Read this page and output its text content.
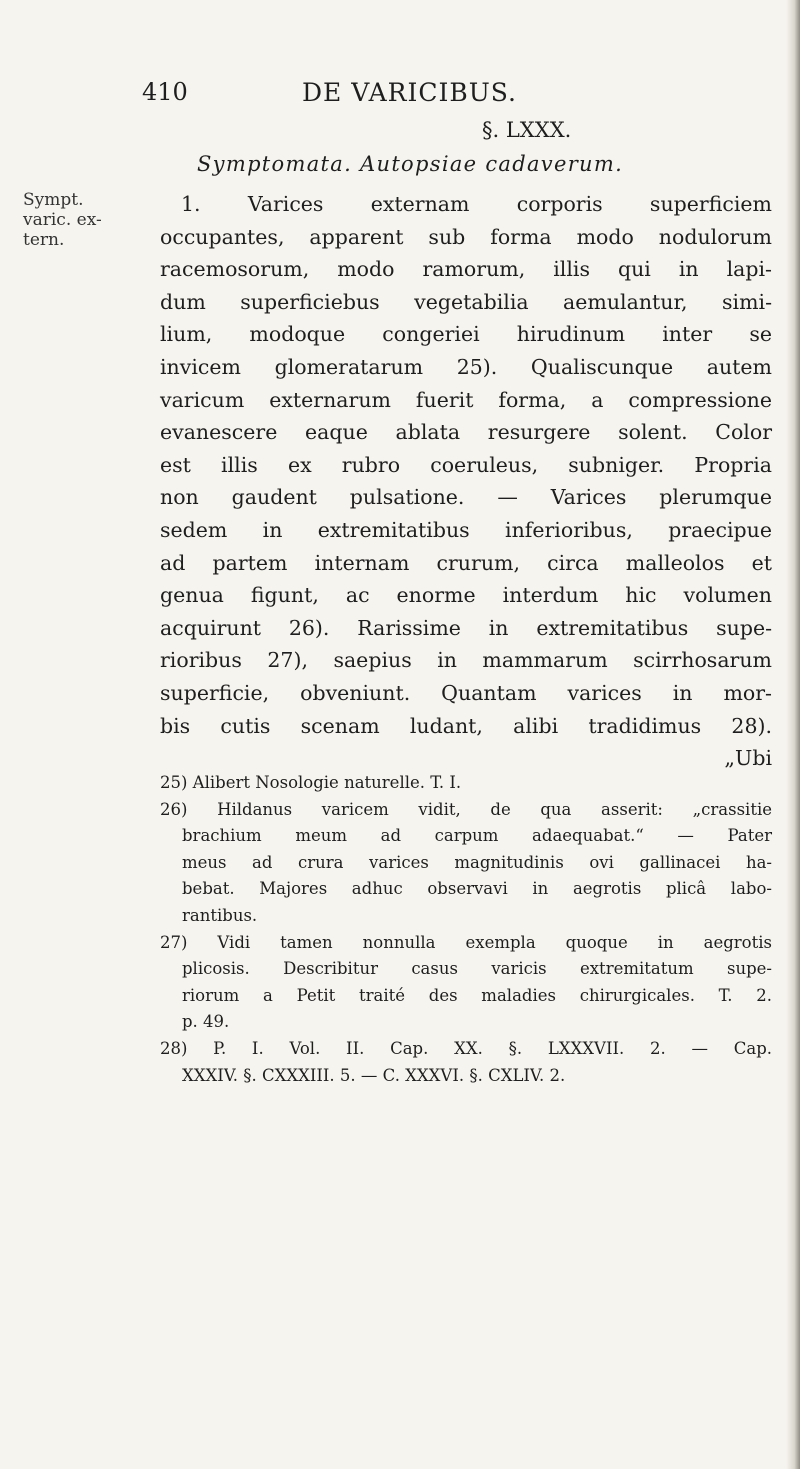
410	DE VARICIBUS.
§. LXXX.
Symptomata. Autopsiae cadaverum.
Sympt.
varic. ex-
tern.
1. Varices externam corporis superficiem
occupantes, apparent sub forma modo nodulorum
racemosorum, modo ramorum, illis qui in lapi-
dum superficiebus vegetabilia aemulantur, simi-
lium, modoque congeriei hirudinum inter se
invicem glomeratarum 25). Qualiscunque autem
varicum externarum fuerit forma, a compressione
evanescere eaque ablata resurgere solent. Color
est illis ex rubro coeruleus, subniger. Propria
non gaudent pulsatione. — Varices plerumque
sedem in extremitatibus inferioribus, praecipue
ad partem internam crurum, circa malleolos et
genua figunt, ac enorme interdum hic volumen
acquirunt 26). Rarissime in extremitatibus supe-
rioribus 27), saepius in mammarum scirrhosarum
superficie, obveniunt. Quantam varices in mor-
bis cutis scenam ludant, alibi tradidimus 28).
„Ubi
25) Alibert Nosologie naturelle. T. I.
26) Hildanus varicem vidit, de qua asserit: „crassitie
brachium meum ad carpum adaequabat.“ — Pater
meus ad crura varices magnitudinis ovi gallinacei ha-
bebat. Majores adhuc observavi in aegrotis plicâ labo-
rantibus.
27) Vidi tamen nonnulla exempla quoque in aegrotis
plicosis. Describitur casus varicis extremitatum supe-
riorum a Petit traité des maladies chirurgicales. T. 2.
p. 49.
28) P. I. Vol. II. Cap. XX. §. LXXXVII. 2. — Cap.
XXXIV. §. CXXXIII. 5. — C. XXXVI. §. CXLIV. 2.
